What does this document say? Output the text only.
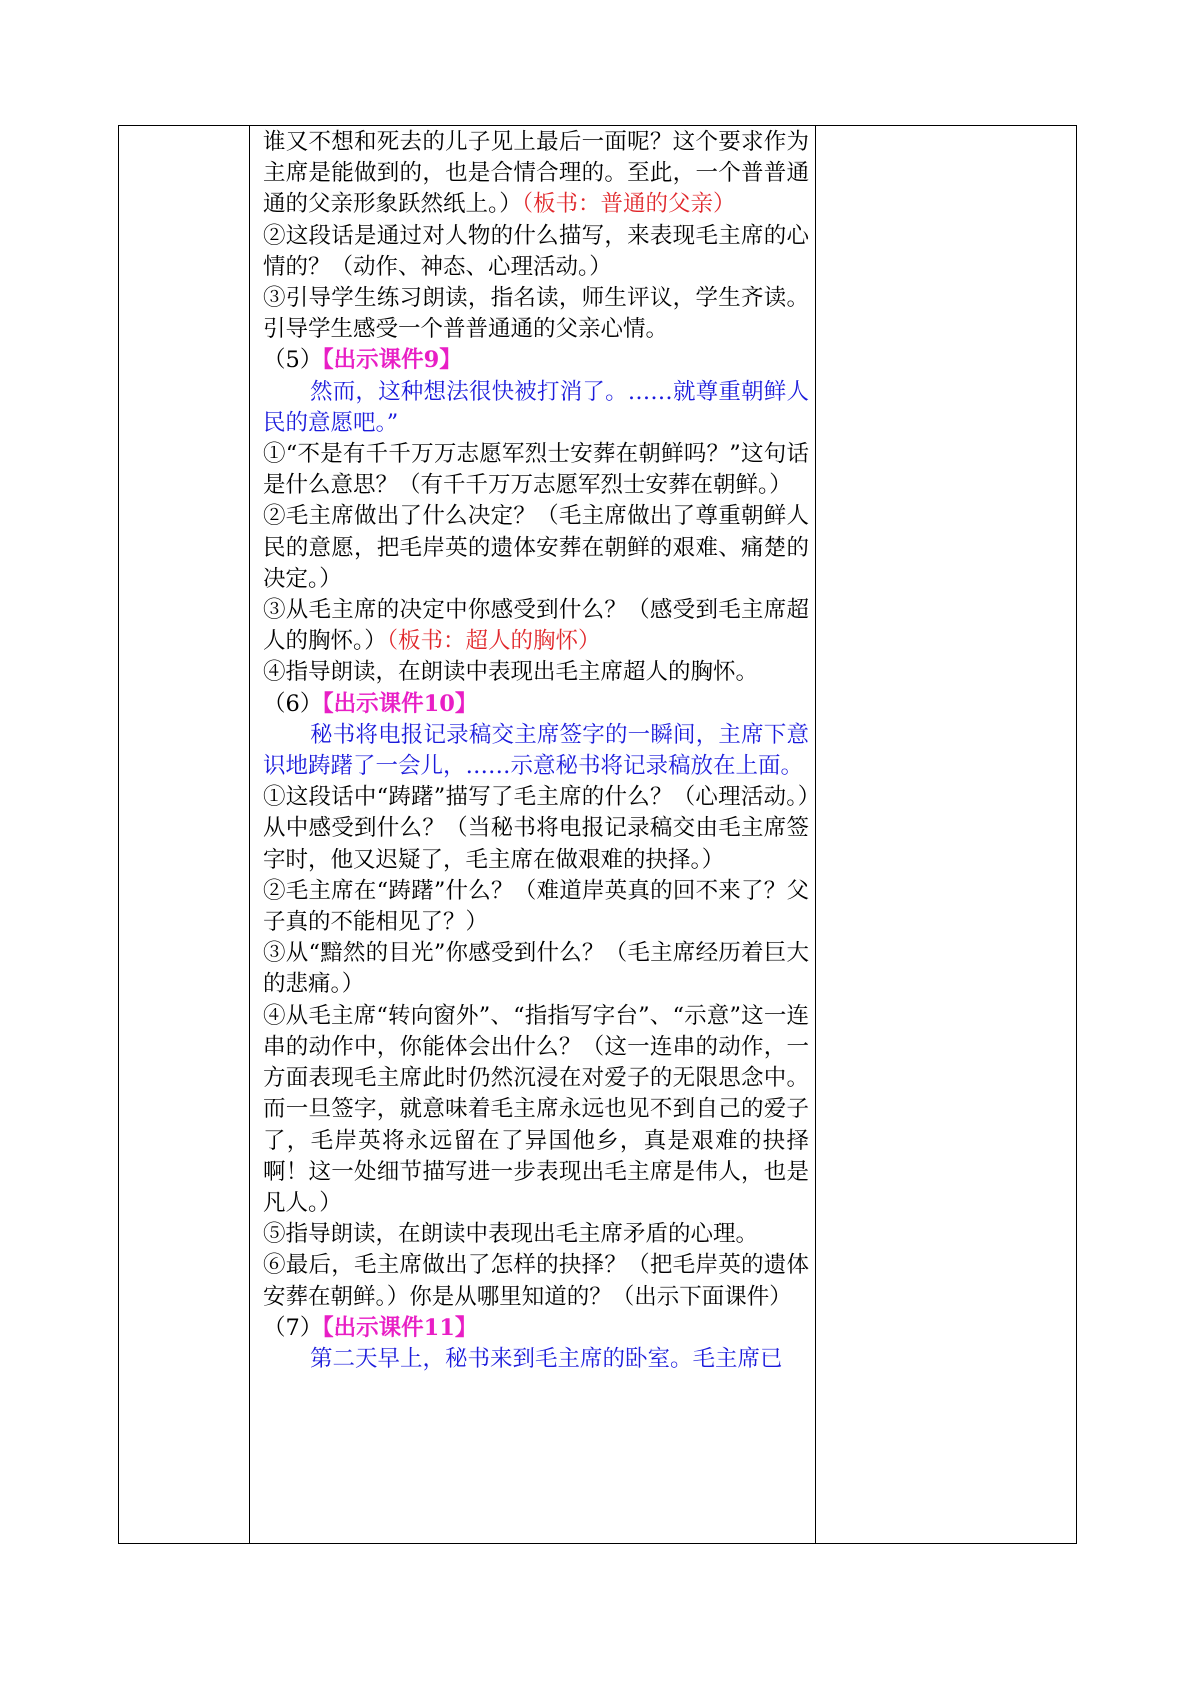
谁又不想和死去的儿子见上最后一面呢？这个要求作为主席是能做到的，也是合情合理的。至此，一个普普通通的父亲形象跃然纸上。）（板书：普通的父亲）

②这段话是通过对人物的什么描写，来表现毛主席的心情的？（动作、神态、心理活动。）

③引导学生练习朗读，指名读，师生评议，学生齐读。引导学生感受一个普普通通的父亲心情。

（5）【出示课件9】

然而，这种想法很快被打消了。……就尊重朝鲜人民的意愿吧。”

①“不是有千千万万志愿军烈士安葬在朝鲜吗？”这句话是什么意思？（有千千万万志愿军烈士安葬在朝鲜。）

②毛主席做出了什么决定？（毛主席做出了尊重朝鲜人民的意愿，把毛岸英的遗体安葬在朝鲜的艰难、痛楚的决定。）

③从毛主席的决定中你感受到什么？（感受到毛主席超人的胸怀。）（板书：超人的胸怀）

④指导朗读，在朗读中表现出毛主席超人的胸怀。

（6）【出示课件10】

秘书将电报记录稿交主席签字的一瞬间，主席下意识地踌躇了一会儿，……示意秘书将记录稿放在上面。

①这段话中“踌躇”描写了毛主席的什么？（心理活动。）从中感受到什么？（当秘书将电报记录稿交由毛主席签字时，他又迟疑了，毛主席在做艰难的抉择。）

②毛主席在“踌躇”什么？（难道岸英真的回不来了？父子真的不能相见了？）

③从“黯然的目光”你感受到什么？（毛主席经历着巨大的悲痛。）

④从毛主席“转向窗外”、“指指写字台”、“示意”这一连串的动作中，你能体会出什么？（这一连串的动作，一方面表现毛主席此时仍然沉浸在对爱子的无限思念中。而一旦签字，就意味着毛主席永远也见不到自己的爱子了，毛岸英将永远留在了异国他乡，真是艰难的抉择啊！这一处细节描写进一步表现出毛主席是伟人，也是凡人。）

⑤指导朗读，在朗读中表现出毛主席矛盾的心理。

⑥最后，毛主席做出了怎样的抉择？（把毛岸英的遗体安葬在朝鲜。）你是从哪里知道的？（出示下面课件）

（7）【出示课件11】

第二天早上，秘书来到毛主席的卧室。毛主席已
